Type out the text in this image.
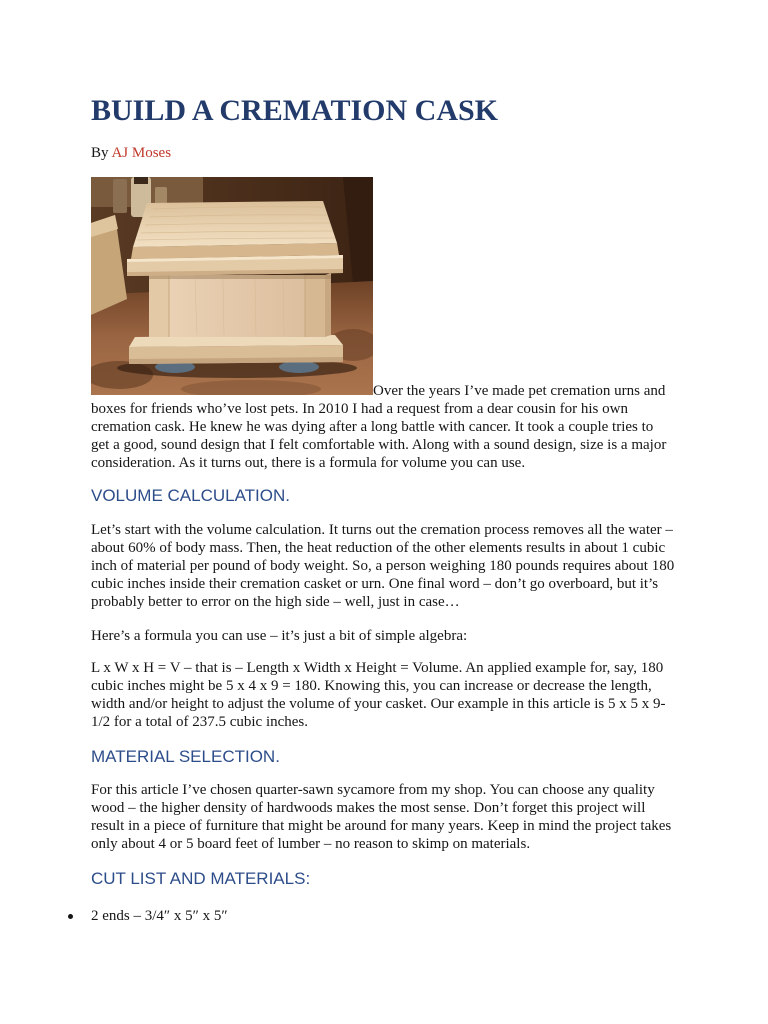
BUILD A CREMATION CASK
By AJ Moses
Over the years I’ve made pet cremation urns and
boxes for friends who’ve lost pets. In 2010 I had a request from a dear cousin for his own
cremation cask. He knew he was dying after a long battle with cancer. It took a couple tries to
get a good, sound design that I felt comfortable with. Along with a sound design, size is a major
consideration. As it turns out, there is a formula for volume you can use.
VOLUME CALCULATION.
Let’s start with the volume calculation. It turns out the cremation process removes all the water –
about 60% of body mass. Then, the heat reduction of the other elements results in about 1 cubic
inch of material per pound of body weight. So, a person weighing 180 pounds requires about 180
cubic inches inside their cremation casket or urn. One final word – don’t go overboard, but it’s
probably better to error on the high side – well, just in case…
Here’s a formula you can use – it’s just a bit of simple algebra:
L x W x H = V – that is – Length x Width x Height = Volume. An applied example for, say, 180
cubic inches might be 5 x 4 x 9 = 180. Knowing this, you can increase or decrease the length,
width and/or height to adjust the volume of your casket. Our example in this article is 5 x 5 x 9-
1/2 for a total of 237.5 cubic inches.
MATERIAL SELECTION.
For this article I’ve chosen quarter-sawn sycamore from my shop. You can choose any quality
wood – the higher density of hardwoods makes the most sense. Don’t forget this project will
result in a piece of furniture that might be around for many years. Keep in mind the project takes
only about 4 or 5 board feet of lumber – no reason to skimp on materials.
CUT LIST AND MATERIALS:
2 ends – 3/4″ x 5″ x 5″
